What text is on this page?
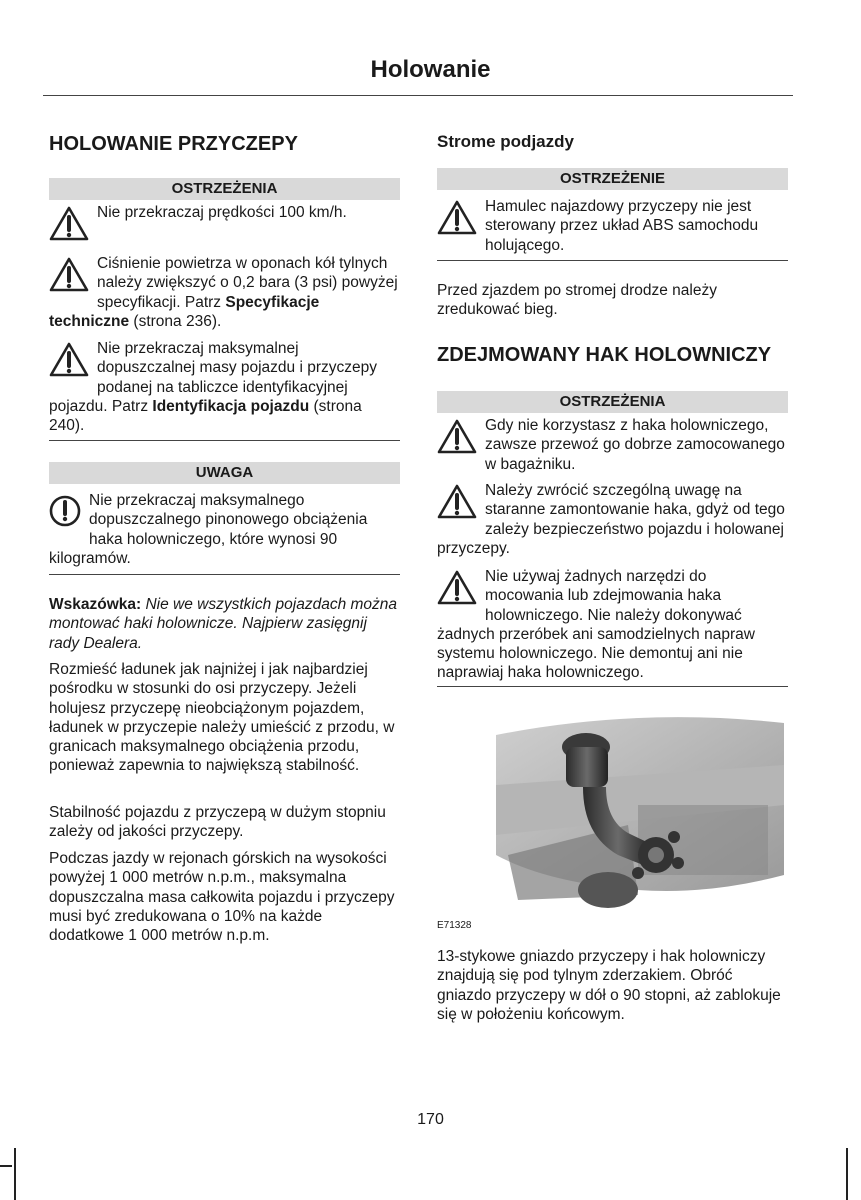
Holowanie
HOLOWANIE PRZYCZEPY
OSTRZEŻENIA
Nie przekraczaj prędkości 100 km/h.
Ciśnienie powietrza w oponach kół tylnych należy zwiększyć o 0,2 bara (3 psi) powyżej specyfikacji. Patrz Specyfikacje techniczne (strona 236).
Nie przekraczaj maksymalnej dopuszczalnej masy pojazdu i przyczepy podanej na tabliczce identyfikacyjnej pojazdu. Patrz Identyfikacja pojazdu (strona 240).
UWAGA
Nie przekraczaj maksymalnego dopuszczalnego pinonowego obciążenia haka holowniczego, które wynosi 90 kilogramów.
Wskazówka: Nie we wszystkich pojazdach można montować haki holownicze. Najpierw zasięgnij rady Dealera.
Rozmieść ładunek jak najniżej i jak najbardziej pośrodku w stosunki do osi przyczepy. Jeżeli holujesz przyczepę nieobciążonym pojazdem, ładunek w przyczepie należy umieścić z przodu, w granicach maksymalnego obciążenia przodu, ponieważ zapewnia to największą stabilność.
Stabilność pojazdu z przyczepą w dużym stopniu zależy od jakości przyczepy.
Podczas jazdy w rejonach górskich na wysokości powyżej 1 000 metrów n.p.m., maksymalna dopuszczalna masa całkowita pojazdu i przyczepy musi być zredukowana o 10% na każde dodatkowe 1 000 metrów n.p.m.
Strome podjazdy
OSTRZEŻENIE
Hamulec najazdowy przyczepy nie jest sterowany przez układ ABS samochodu holującego.
Przed zjazdem po stromej drodze należy zredukować bieg.
ZDEJMOWANY HAK HOLOWNICZY
OSTRZEŻENIA
Gdy nie korzystasz z haka holowniczego, zawsze przewoź go dobrze zamocowanego w bagażniku.
Należy zwrócić szczególną uwagę na staranne zamontowanie haka, gdyż od tego zależy bezpieczeństwo pojazdu i holowanej przyczepy.
Nie używaj żadnych narzędzi do mocowania lub zdejmowania haka holowniczego. Nie należy dokonywać żadnych przeróbek ani samodzielnych napraw systemu holowniczego. Nie demontuj ani nie naprawiaj haka holowniczego.
E71328
13-stykowe gniazdo przyczepy i hak holowniczy znajdują się pod tylnym zderzakiem. Obróć gniazdo przyczepy w dół o 90 stopni, aż zablokuje się w położeniu końcowym.
170
